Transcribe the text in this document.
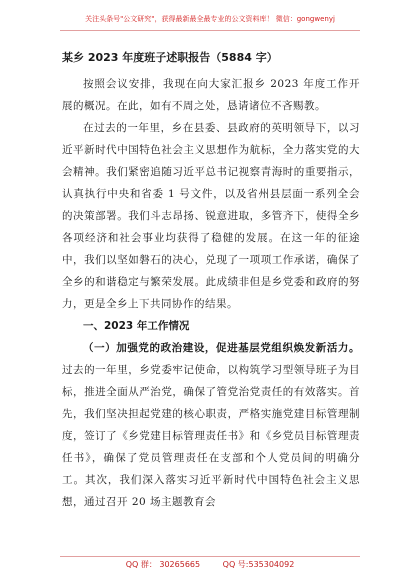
关注头条号"公文研究"，获得最新最全最专业的公文资料库！ 微信：gongwenyj
某乡 2023 年度班子述职报告（5884 字）

按照会议安排，我现在向大家汇报乡 2023 年度工作开展的概况。在此，如有不周之处，恳请诸位不吝赐教。

在过去的一年里，乡在县委、县政府的英明领导下，以习近平新时代中国特色社会主义思想作为航标，全力落实党的大会精神。我们紧密追随习近平总书记视察青海时的重要指示，认真执行中央和省委 1 号文件，以及省州县层面一系列全会的决策部署。我们斗志昂扬、锐意进取，多管齐下，使得全乡各项经济和社会事业均获得了稳健的发展。在这一年的征途中，我们以坚如磐石的决心，兑现了一项项工作承诺，确保了全乡的和谐稳定与繁荣发展。此成绩非但是乡党委和政府的努力，更是全乡上下共同协作的结果。

一、2023 年工作情况

（一）加强党的政治建设，促进基层党组织焕发新活力。过去的一年里，乡党委牢记使命，以构筑学习型领导班子为目标，推进全面从严治党，确保了管党治党责任的有效落实。首先，我们坚决担起党建的核心职责，严格实施党建目标管理制度，签订了《乡党建目标管理责任书》和《乡党员目标管理责任书》，确保了党员管理责任在支部和个人党员间的明确分工。其次，我们深入落实习近平新时代中国特色社会主义思想，通过召开 20 场主题教育会

QQ 群： 30265665	QQ 号:535304092
